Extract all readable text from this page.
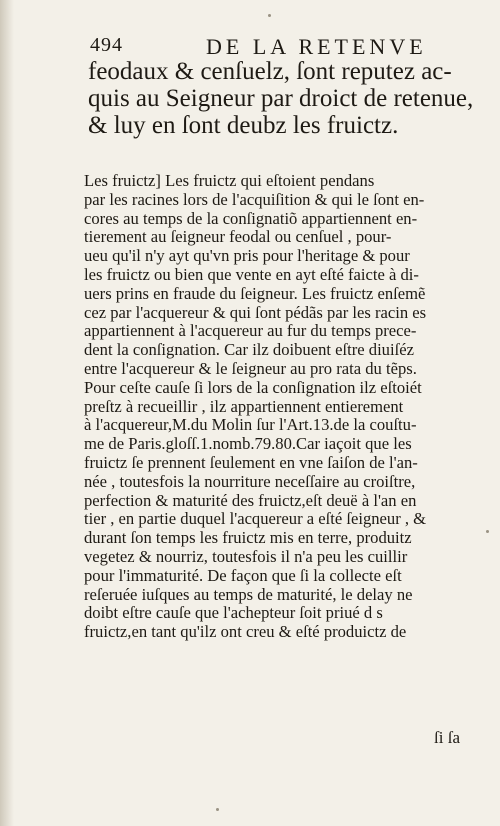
494	DE LA RETENVE
feodaux & cenſuelz, ſont reputez ac-
quis au Seigneur par droict de retenue,
& luy en ſont deubz les fruictz.
Les fruictz] Les fruictz qui eſtoient pendans
par les racines lors de l'acquiſition & qui le ſont en-
cores au temps de la conſignatiõ appartiennent en-
tierement au ſeigneur feodal ou cenſuel , pour-
ueu qu'il n'y ayt qu'vn pris pour l'heritage & pour
les fruictz ou bien que vente en ayt eſté faicte à di-
uers prins en fraude du ſeigneur. Les fruictz enſemẽ
cez par l'acquereur & qui ſont pédãs par les racin es
appartiennent à l'acquereur au fur du temps prece-
dent la conſignation. Car ilz doibuent eſtre diuiſéz
entre l'acquereur & le ſeigneur au pro rata du tẽps.
Pour ceſte cauſe ſi lors de la conſignation ilz eſtoiét
preſtz à recueillir , ilz appartiennent entierement
à l'acquereur,M.du Molin ſur l'Art.13.de la couſtu-
me de Paris.gloſſ.1.nomb.79.80.Car iaçoit que les
fruictz ſe prennent ſeulement en vne ſaiſon de l'an-
née , toutesfois la nourriture neceſſaire au croiſtre,
perfection & maturité des fruictz,eſt deuë à l'an en
tier , en partie duquel l'acquereur a eſté ſeigneur , &
durant ſon temps les fruictz mis en terre, produitz
vegetez & nourriz, toutesfois il n'a peu les cuillir
pour l'immaturité. De façon que ſi la collecte eſt
reſeruée iuſques au temps de maturité, le delay ne
doibt eſtre cauſe que l'achepteur ſoit priué d s
fruictz,en tant qu'ilz ont creu & eſté produictz de
ſi ſa
